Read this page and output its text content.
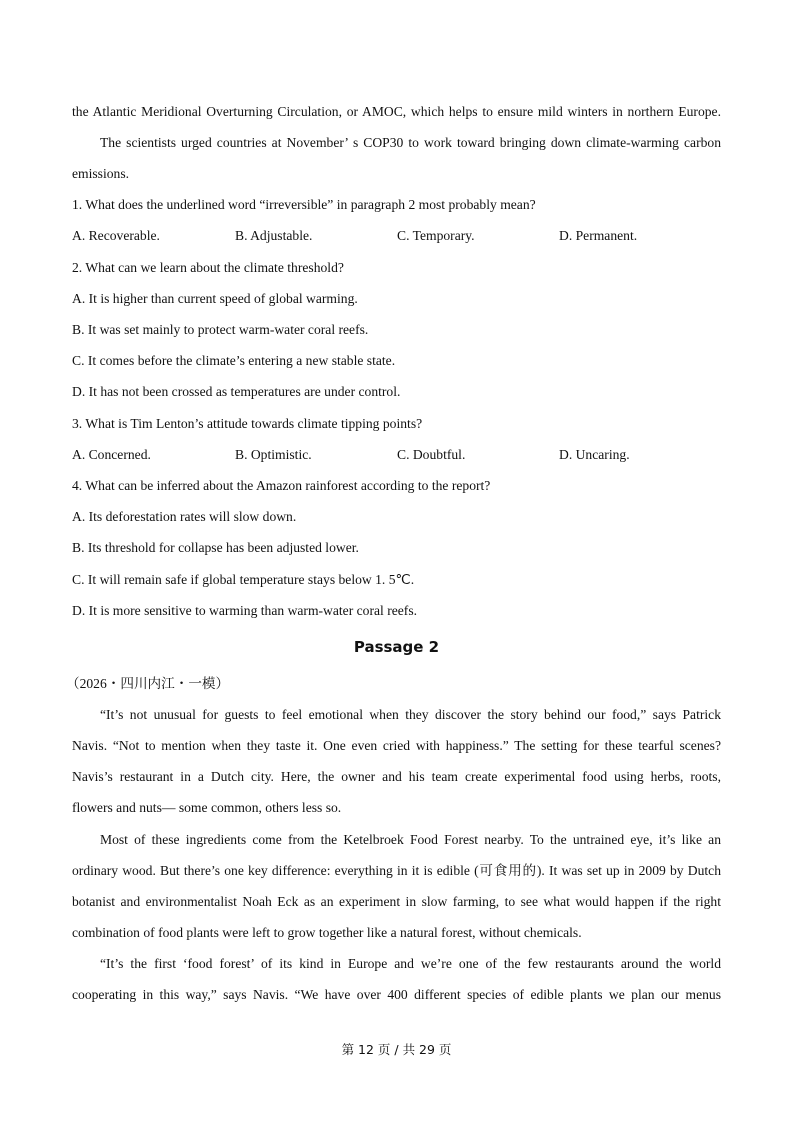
the Atlantic Meridional Overturning Circulation, or AMOC, which helps to ensure mild winters in northern Europe.
The scientists urged countries at November’ s COP30 to work toward bringing down climate-warming carbon
emissions.
1. What does the underlined word “irreversible” in paragraph 2 most probably mean?
A. Recoverable.	B. Adjustable.	C. Temporary.	D. Permanent.
2. What can we learn about the climate threshold?
A. It is higher than current speed of global warming.
B. It was set mainly to protect warm-water coral reefs.
C. It comes before the climate’s entering a new stable state.
D. It has not been crossed as temperatures are under control.
3. What is Tim Lenton’s attitude towards climate tipping points?
A. Concerned.	B. Optimistic.	C. Doubtful.	D. Uncaring.
4. What can be inferred about the Amazon rainforest according to the report?
A. Its deforestation rates will slow down.
B. Its threshold for collapse has been adjusted lower.
C. It will remain safe if global temperature stays below 1. 5℃.
D. It is more sensitive to warming than warm-water coral reefs.
Passage 2
（2026・四川内江・一模）
“It’s not unusual for guests to feel emotional when they discover the story behind our food,” says Patrick
Navis. “Not to mention when they taste it. One even cried with happiness.” The setting for these tearful scenes?
Navis’s restaurant in a Dutch city. Here, the owner and his team create experimental food using herbs, roots,
flowers and nuts— some common, others less so.
Most of these ingredients come from the Ketelbroek Food Forest nearby. To the untrained eye, it’s like an
ordinary wood. But there’s one key difference: everything in it is edible (可食用的). It was set up in 2009 by Dutch
botanist and environmentalist Noah Eck as an experiment in slow farming, to see what would happen if the right
combination of food plants were left to grow together like a natural forest, without chemicals.
“It’s the first ‘food forest’ of its kind in Europe and we’re one of the few restaurants around the world
cooperating in this way,” says Navis. “We have over 400 different species of edible plants we plan our menus
第 12 页 / 共 29 页
